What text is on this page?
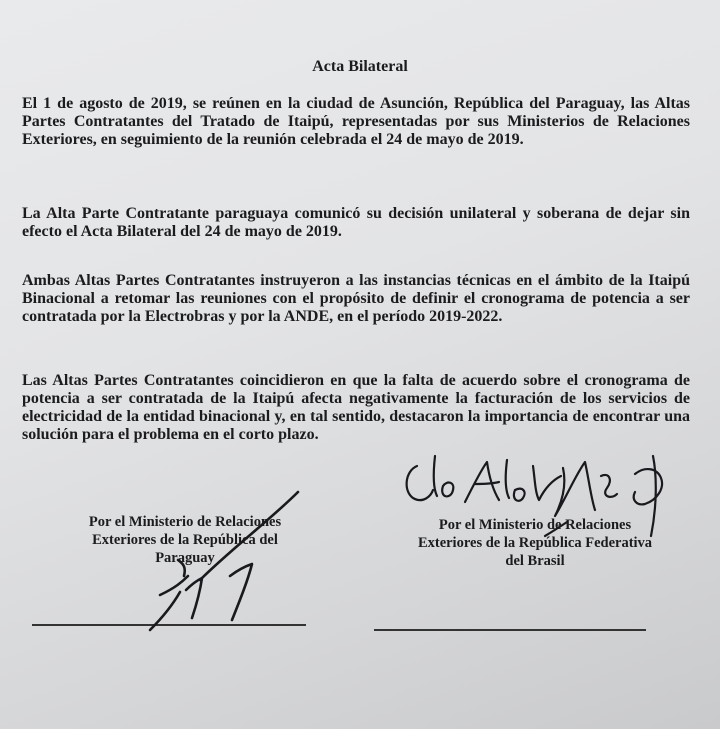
Acta Bilateral
El 1 de agosto de 2019, se reúnen en la ciudad de Asunción, República del Paraguay, las Altas Partes Contratantes del Tratado de Itaipú, representadas por sus Ministerios de Relaciones Exteriores, en seguimiento de la reunión celebrada el 24 de mayo de 2019.
La Alta Parte Contratante paraguaya comunicó su decisión unilateral y soberana de dejar sin efecto el Acta Bilateral del 24 de mayo de 2019.
Ambas Altas Partes Contratantes instruyeron a las instancias técnicas en el ámbito de la Itaipú Binacional a retomar las reuniones con el propósito de definir el cronograma de potencia a ser contratada por la Electrobras y por la ANDE, en el período 2019-2022.
Las Altas Partes Contratantes coincidieron en que la falta de acuerdo sobre el cronograma de potencia a ser contratada de la Itaipú afecta negativamente la facturación de los servicios de electricidad de la entidad binacional y, en tal sentido, destacaron la importancia de encontrar una solución para el problema en el corto plazo.
Por el Ministerio de Relaciones
Exteriores de la República del
Paraguay
Por el Ministerio de Relaciones
Exteriores de la República Federativa
del Brasil
